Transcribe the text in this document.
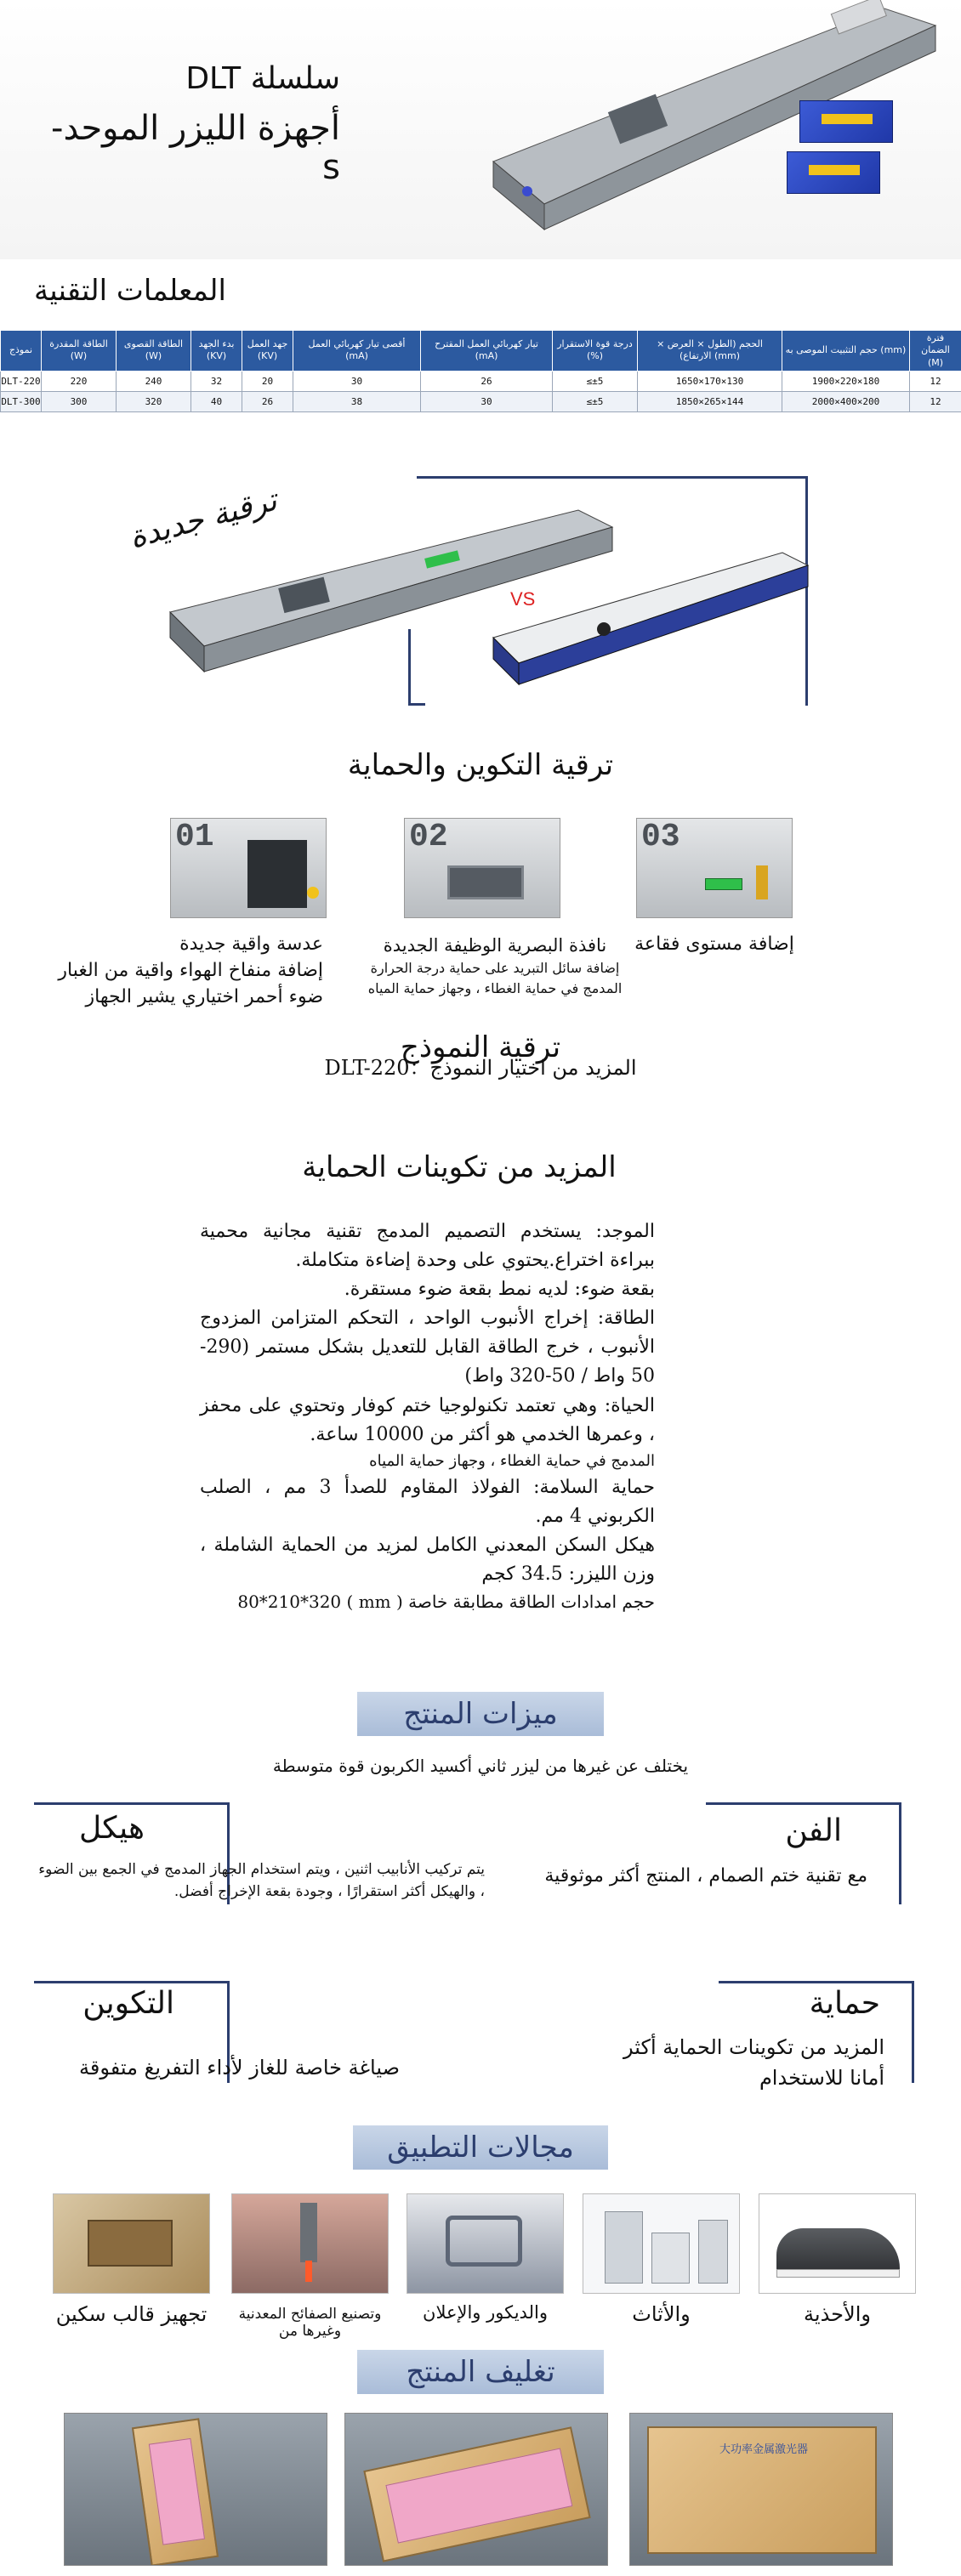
سلسلة DLT
أجهزة الليزر الموحد-s
المعلمات التقنية
نموذج	الطاقة المقدرة (W)	الطاقة القصوى (W)	بدء الجهد (KV)	جهد العمل (KV)	أقصى تيار كهربائي العمل (mA)	تيار كهربائي العمل المقترح (mA)	درجة قوة الاستقرار (%)	الحجم (الطول × العرض × الارتفاع) (mm)	حجم التثبيت الموصى به (mm)	فترة الضمان (M)
DLT-220	220	240	32	20	30	26	≤±5	1650×170×130	1900×220×180	12
DLT-300	300	320	40	26	38	30	≤±5	1850×265×144	2000×400×200	12
ترقية جديدة
VS
ترقية التكوين والحماية
01	02	03
عدسة واقية جديدة
إضافة منفاخ الهواء واقية من الغبار
ضوء أحمر اختياري يشير الجهاز
نافذة البصرية الوظيفة الجديدة
إضافة سائل التبريد على حماية درجة الحرارة
المدمج في حماية الغطاء ، وجهاز حماية المياه
إضافة مستوى فقاعة
ترقية النموذج
المزيد من اختيار النموذج：DLT-220
المزيد من تكوينات الحماية

الموجد: يستخدم التصميم المدمج تقنية مجانية محمية ببراءة اختراع.يحتوي على وحدة إضاءة متكاملة.

بقعة ضوء: لديه نمط بقعة ضوء مستقرة.

الطاقة: إخراج الأنبوب الواحد ، التحكم المتزامن المزدوج الأنبوب ، خرج الطاقة القابل للتعديل بشكل مستمر (290-50 واط / 50-320 واط)

الحياة: وهي تعتمد تكنولوجيا ختم كوفار وتحتوي على محفز ، وعمرها الخدمي هو أكثر من 10000 ساعة.

المدمج في حماية الغطاء ، وجهاز حماية المياه

حماية السلامة: الفولاذ المقاوم للصدأ 3 مم ، الصلب الكربوني 4 مم.

هيكل السكن المعدني الكامل لمزيد من الحماية الشاملة ، وزن الليزر: 34.5 كجم

حجم امدادات الطاقة مطابقة خاصة ( mm ) 80*210*320

ميزات المنتج
يختلف عن غيرها من ليزر ثاني أكسيد الكربون قوة متوسطة
الفن
مع تقنية ختم الصمام ، المنتج أكثر موثوقية
هيكل
يتم تركيب الأنابيب اثنين ، ويتم استخدام الجهاز المدمج في الجمع بين الضوء ، والهيكل أكثر استقرارًا ، وجودة بقعة الإخراج أفضل.
حماية
المزيد من تكوينات الحماية أكثر أمانا للاستخدام
التكوين
صياغة خاصة للغاز لأداء التفريغ متفوقة
مجالات التطبيق
تجهيز قالب سكين	وتصنيع الصفائح المعدنية وغيرها من
والديكور والإعلان	والأثاث	والأحذية
تغليف المنتج
大功率金属激光器
